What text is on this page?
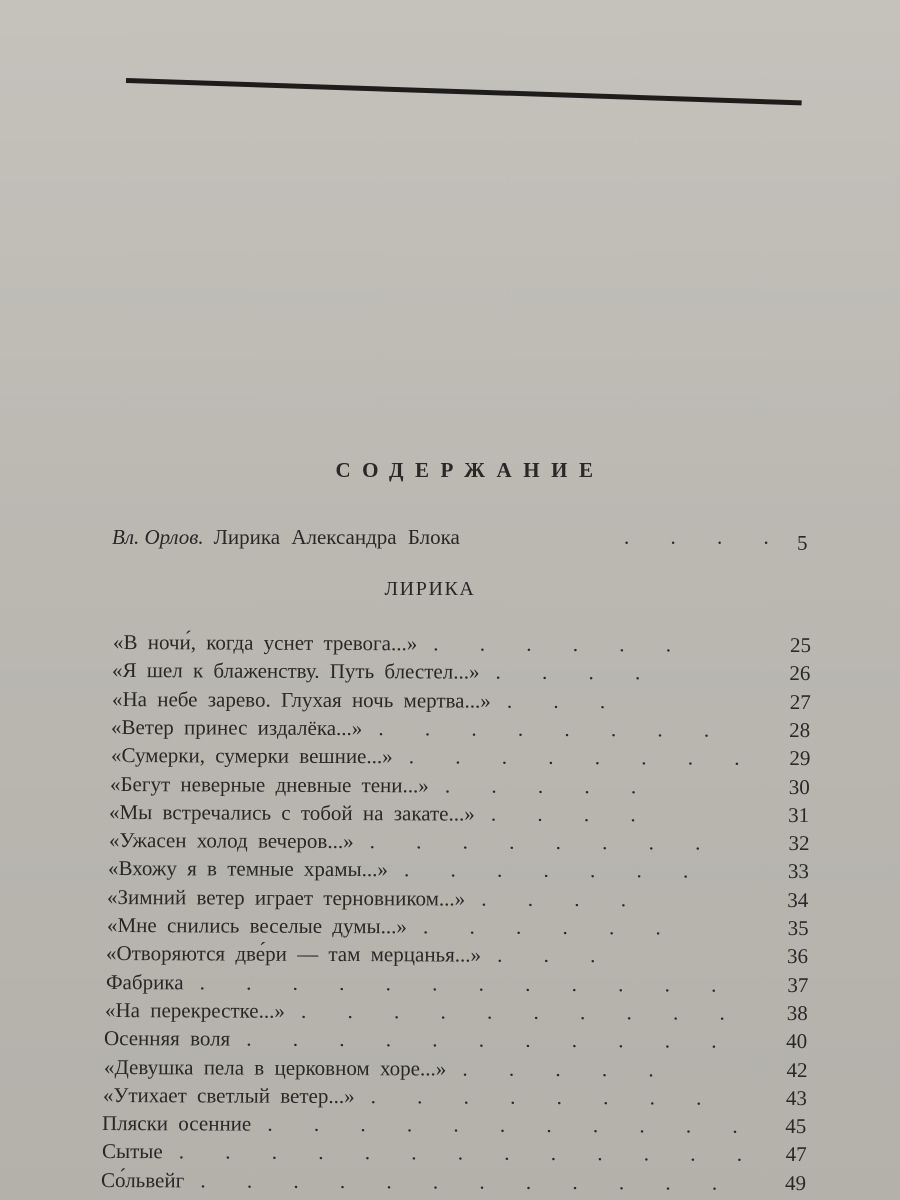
СОДЕРЖАНИЕ
Вл. Орлов. Лирика Александра Блока	. . . . 5
ЛИРИКА
«В ночи́, когда уснет тревога...» . . . . . .	25
«Я шел к блаженству. Путь блестел...» . . . .	26
«На небе зарево. Глухая ночь мертва...» . . .	27
«Ветер принес издалёка...» . . . . . . . .	28
«Сумерки, сумерки вешние...» . . . . . . . . 29
«Бегут неверные дневные тени...» . . . . .	30
«Мы встречались с тобой на закате...» . . . .	31
«Ужасен холод вечеров...» . . . . . . . .	32
«Вхожу я в темные храмы...» . . . . . . .	33
«Зимний ветер играет терновником...» . . . .	34
«Мне снились веселые думы...» . . . . . .	35
«Отворяются две́ри — там мерцанья...» . . .	36
Фабрика . . . . . . . . . . . .	37
«На перекрестке...» . . . . . . . . . . 38
Осенняя воля . . . . . . . . . . . 40
«Девушка пела в церковном хоре...» . . . . .	42
«Утихает светлый ветер...» . . . . . . . .	43
Пляски осенние . . . . . . . . . . . 45
Сытые . . . . . . . . . . . . . 47
Со́львейг . . . . . . . . . . . . 49
